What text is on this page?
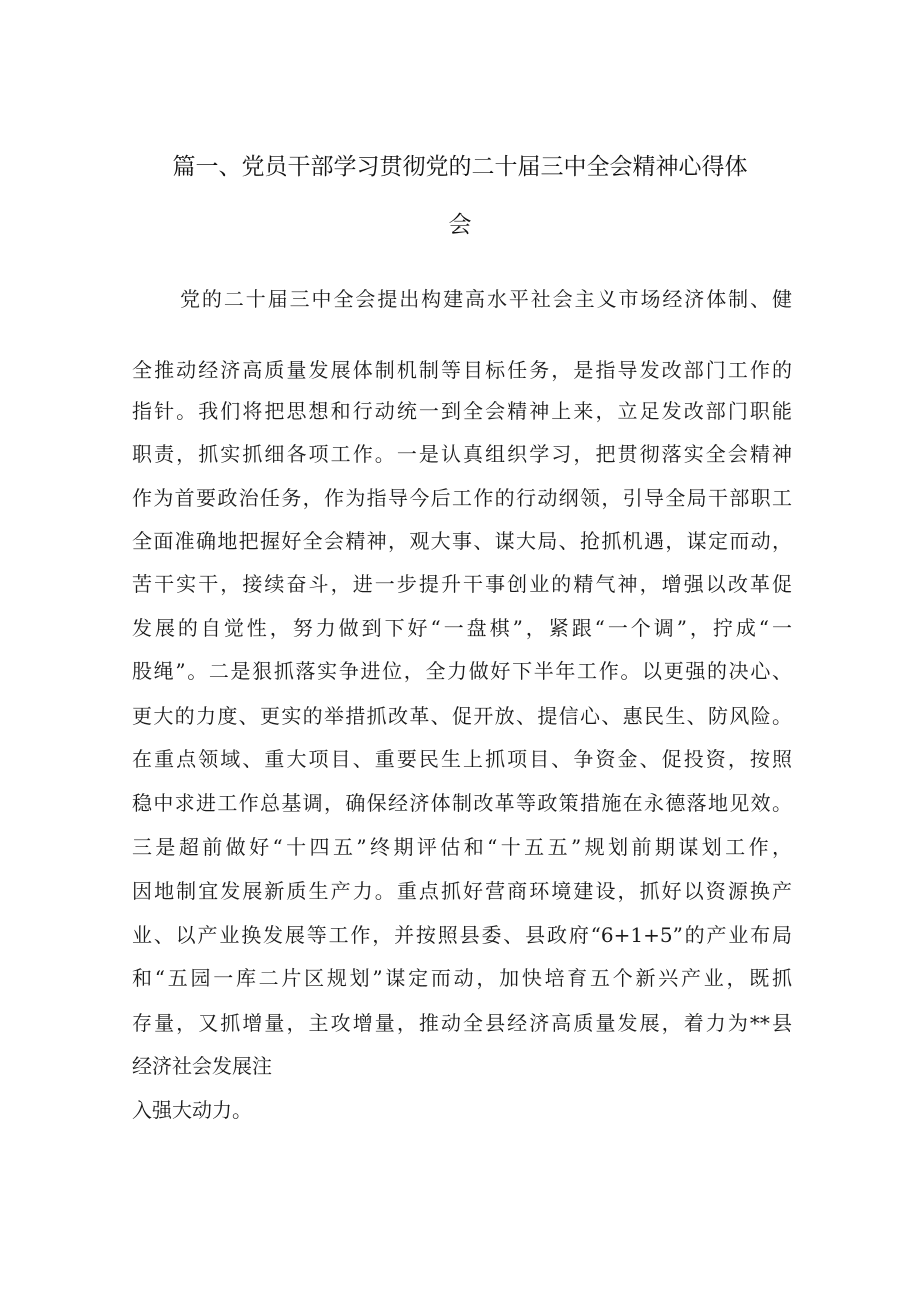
篇一、党员干部学习贯彻党的二十届三中全会精神心得体
会
党的二十届三中全会提出构建高水平社会主义市场经济体制、健
全推动经济高质量发展体制机制等目标任务，是指导发改部门工作的
指针。我们将把思想和行动统一到全会精神上来，立足发改部门职能
职责，抓实抓细各项工作。一是认真组织学习，把贯彻落实全会精神
作为首要政治任务，作为指导今后工作的行动纲领，引导全局干部职工
全面准确地把握好全会精神，观大事、谋大局、抢抓机遇，谋定而动，
苦干实干，接续奋斗，进一步提升干事创业的精气神，增强以改革促
发展的自觉性，努力做到下好“一盘棋”，紧跟“一个调”，拧成“一
股绳”。二是狠抓落实争进位，全力做好下半年工作。以更强的决心、
更大的力度、更实的举措抓改革、促开放、提信心、惠民生、防风险。
在重点领域、重大项目、重要民生上抓项目、争资金、促投资，按照
稳中求进工作总基调，确保经济体制改革等政策措施在永德落地见效。
三是超前做好“十四五”终期评估和“十五五”规划前期谋划工作，
因地制宜发展新质生产力。重点抓好营商环境建设，抓好以资源换产
业、以产业换发展等工作，并按照县委、县政府“6+1+5”的产业布局
和“五园一库二片区规划”谋定而动，加快培育五个新兴产业，既抓
存量，又抓增量，主攻增量，推动全县经济高质量发展，着力为**县
经济社会发展注
入强大动力。
